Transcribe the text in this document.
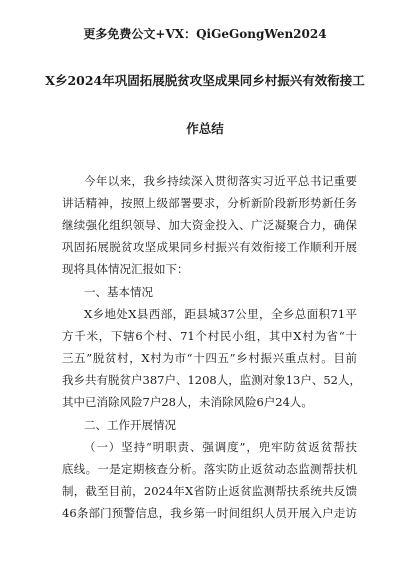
更多免费公文+VX：QiGeGongWen2024
X乡2024年巩固拓展脱贫攻坚成果同乡村振兴有效衔接工
作总结
今年以来，我乡持续深入贯彻落实习近平总书记重要
讲话精神，按照上级部署要求，分析新阶段新形势新任务
继续强化组织领导、加大资金投入、广泛凝聚合力，确保
巩固拓展脱贫攻坚成果同乡村振兴有效衔接工作顺利开展
现将具体情况汇报如下：
一、基本情况
X乡地处X县西部，距县城37公里，全乡总面积71平
方千米，下辖6个村、71个村民小组，其中X村为省“十
三五”脱贫村，X村为市“十四五”乡村振兴重点村。目前
我乡共有脱贫户387户、1208人，监测对象13户、52人，
其中已消除风险7户28人，未消除风险6户24人。
二、工作开展情况
（一）坚持“明职责、强调度”，兜牢防贫返贫帮扶
底线。一是定期核查分析。落实防止返贫动态监测帮扶机
制，截至目前，2024年X省防止返贫监测帮扶系统共反馈
46条部门预警信息，我乡第一时间组织人员开展入户走访
